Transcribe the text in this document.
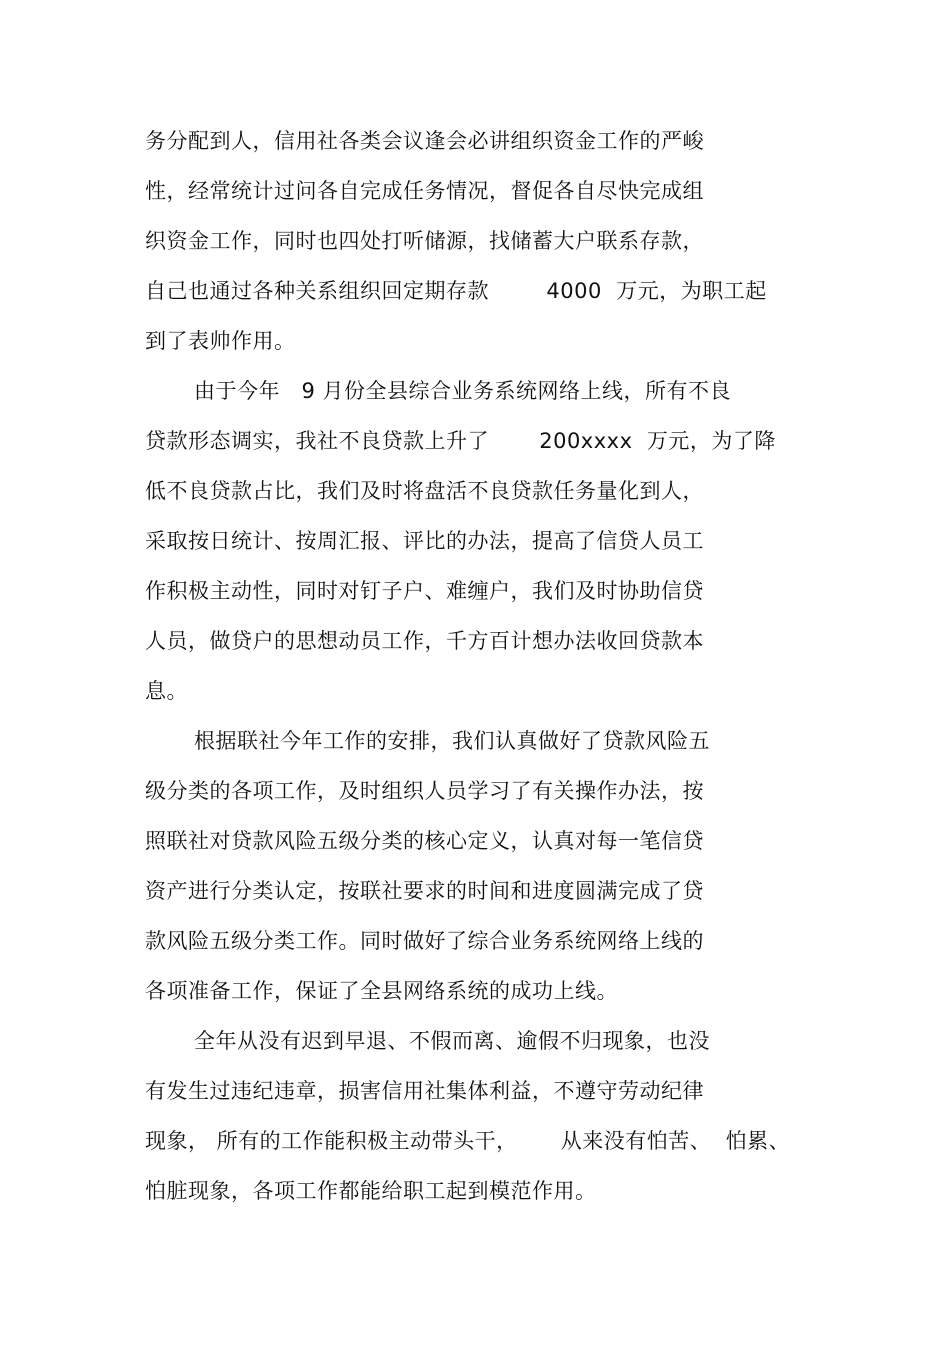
务分配到人，信用社各类会议逢会必讲组织资金工作的严峻
性，经常统计过问各自完成任务情况，督促各自尽快完成组
织资金工作，同时也四处打听储源，找储蓄大户联系存款，
自己也通过各种关系组织回定期存款        4000  万元，为职工起
到了表帅作用。
由于今年   9 月份全县综合业务系统网络上线，所有不良
贷款形态调实，我社不良贷款上升了       200xxxx  万元，为了降
低不良贷款占比，我们及时将盘活不良贷款任务量化到人，
采取按日统计、按周汇报、评比的办法，提高了信贷人员工
作积极主动性，同时对钉子户、难缠户，我们及时协助信贷
人员，做贷户的思想动员工作，千方百计想办法收回贷款本
息。
根据联社今年工作的安排，我们认真做好了贷款风险五
级分类的各项工作，及时组织人员学习了有关操作办法，按
照联社对贷款风险五级分类的核心定义，认真对每一笔信贷
资产进行分类认定，按联社要求的时间和进度圆满完成了贷
款风险五级分类工作。同时做好了综合业务系统网络上线的
各项准备工作，保证了全县网络系统的成功上线。
全年从没有迟到早退、不假而离、逾假不归现象，也没
有发生过违纪违章，损害信用社集体利益，不遵守劳动纪律
现象， 所有的工作能积极主动带头干，      从来没有怕苦、  怕累、
怕脏现象，各项工作都能给职工起到模范作用。
